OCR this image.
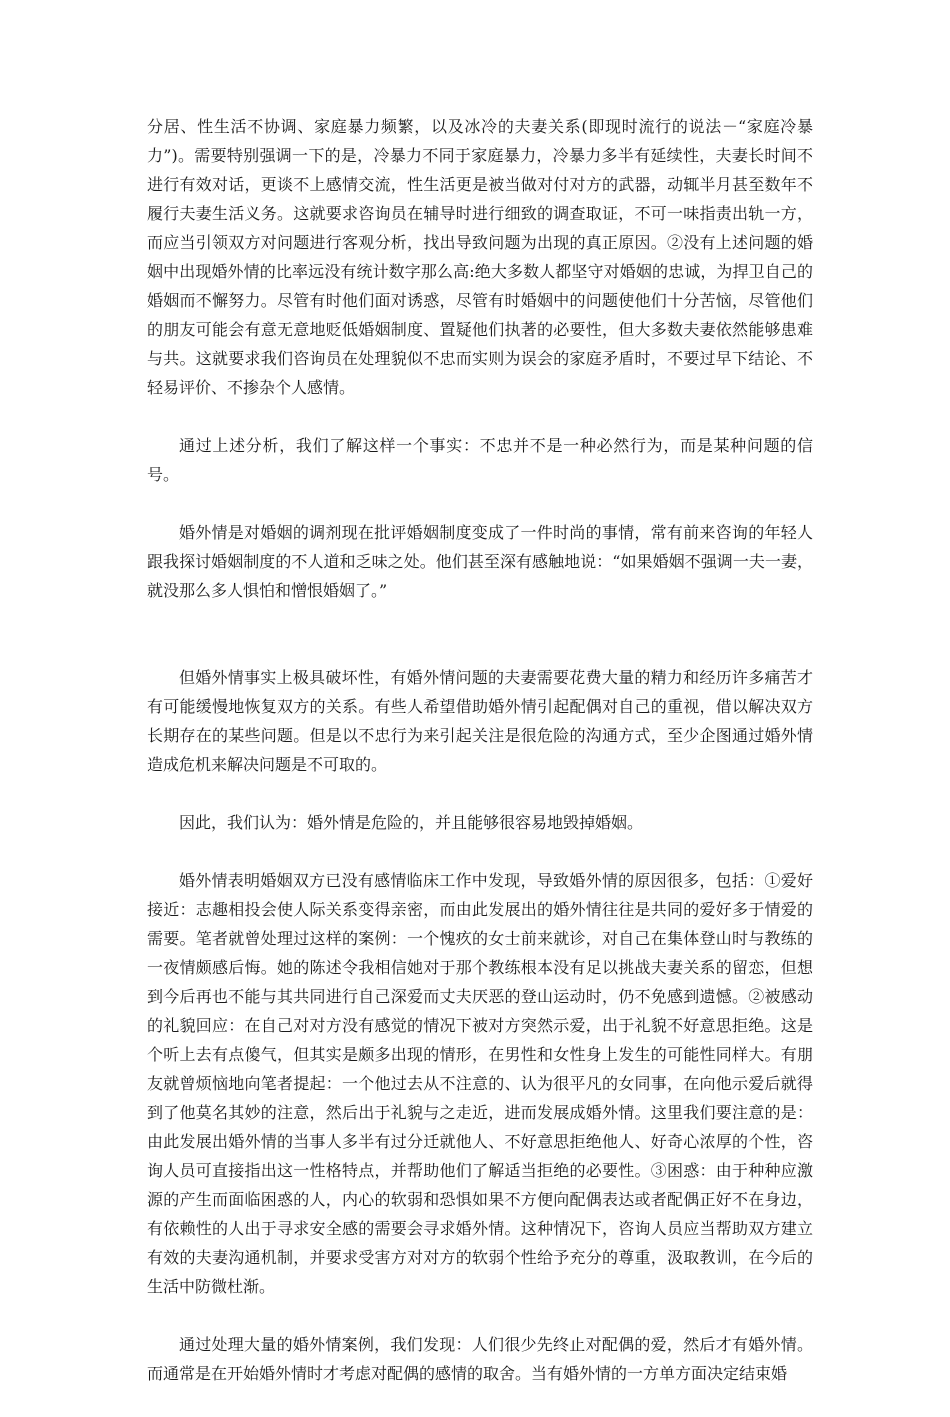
分居、性生活不协调、家庭暴力频繁，以及冰冷的夫妻关系(即现时流行的说法－“家庭冷暴力”)。需要特别强调一下的是，冷暴力不同于家庭暴力，冷暴力多半有延续性，夫妻长时间不进行有效对话，更谈不上感情交流，性生活更是被当做对付对方的武器，动辄半月甚至数年不履行夫妻生活义务。这就要求咨询员在辅导时进行细致的调查取证，不可一味指责出轨一方，而应当引领双方对问题进行客观分析，找出导致问题为出现的真正原因。②没有上述问题的婚姻中出现婚外情的比率远没有统计数字那么高:绝大多数人都坚守对婚姻的忠诚，为捍卫自己的婚姻而不懈努力。尽管有时他们面对诱惑，尽管有时婚姻中的问题使他们十分苦恼，尽管他们的朋友可能会有意无意地贬低婚姻制度、置疑他们执著的必要性，但大多数夫妻依然能够患难与共。这就要求我们咨询员在处理貌似不忠而实则为误会的家庭矛盾时，不要过早下结论、不轻易评价、不掺杂个人感情。

通过上述分析，我们了解这样一个事实：不忠并不是一种必然行为，而是某种问题的信号。

婚外情是对婚姻的调剂现在批评婚姻制度变成了一件时尚的事情，常有前来咨询的年轻人跟我探讨婚姻制度的不人道和乏味之处。他们甚至深有感触地说：“如果婚姻不强调一夫一妻，就没那么多人惧怕和憎恨婚姻了。”

但婚外情事实上极具破坏性，有婚外情问题的夫妻需要花费大量的精力和经历许多痛苦才有可能缓慢地恢复双方的关系。有些人希望借助婚外情引起配偶对自己的重视，借以解决双方长期存在的某些问题。但是以不忠行为来引起关注是很危险的沟通方式，至少企图通过婚外情造成危机来解决问题是不可取的。

因此，我们认为：婚外情是危险的，并且能够很容易地毁掉婚姻。

婚外情表明婚姻双方已没有感情临床工作中发现，导致婚外情的原因很多，包括：①爱好接近：志趣相投会使人际关系变得亲密，而由此发展出的婚外情往往是共同的爱好多于情爱的需要。笔者就曾处理过这样的案例：一个愧疚的女士前来就诊，对自己在集体登山时与教练的一夜情颇感后悔。她的陈述令我相信她对于那个教练根本没有足以挑战夫妻关系的留恋，但想到今后再也不能与其共同进行自己深爱而丈夫厌恶的登山运动时，仍不免感到遗憾。②被感动的礼貌回应：在自己对对方没有感觉的情况下被对方突然示爱，出于礼貌不好意思拒绝。这是个听上去有点傻气，但其实是颇多出现的情形，在男性和女性身上发生的可能性同样大。有朋友就曾烦恼地向笔者提起：一个他过去从不注意的、认为很平凡的女同事，在向他示爱后就得到了他莫名其妙的注意，然后出于礼貌与之走近，进而发展成婚外情。这里我们要注意的是：由此发展出婚外情的当事人多半有过分迁就他人、不好意思拒绝他人、好奇心浓厚的个性，咨询人员可直接指出这一性格特点，并帮助他们了解适当拒绝的必要性。③困惑：由于种种应激源的产生而面临困惑的人，内心的软弱和恐惧如果不方便向配偶表达或者配偶正好不在身边，有依赖性的人出于寻求安全感的需要会寻求婚外情。这种情况下，咨询人员应当帮助双方建立有效的夫妻沟通机制，并要求受害方对对方的软弱个性给予充分的尊重，汲取教训，在今后的生活中防微杜渐。

通过处理大量的婚外情案例，我们发现：人们很少先终止对配偶的爱，然后才有婚外情。而通常是在开始婚外情时才考虑对配偶的感情的取舍。当有婚外情的一方单方面决定结束婚
